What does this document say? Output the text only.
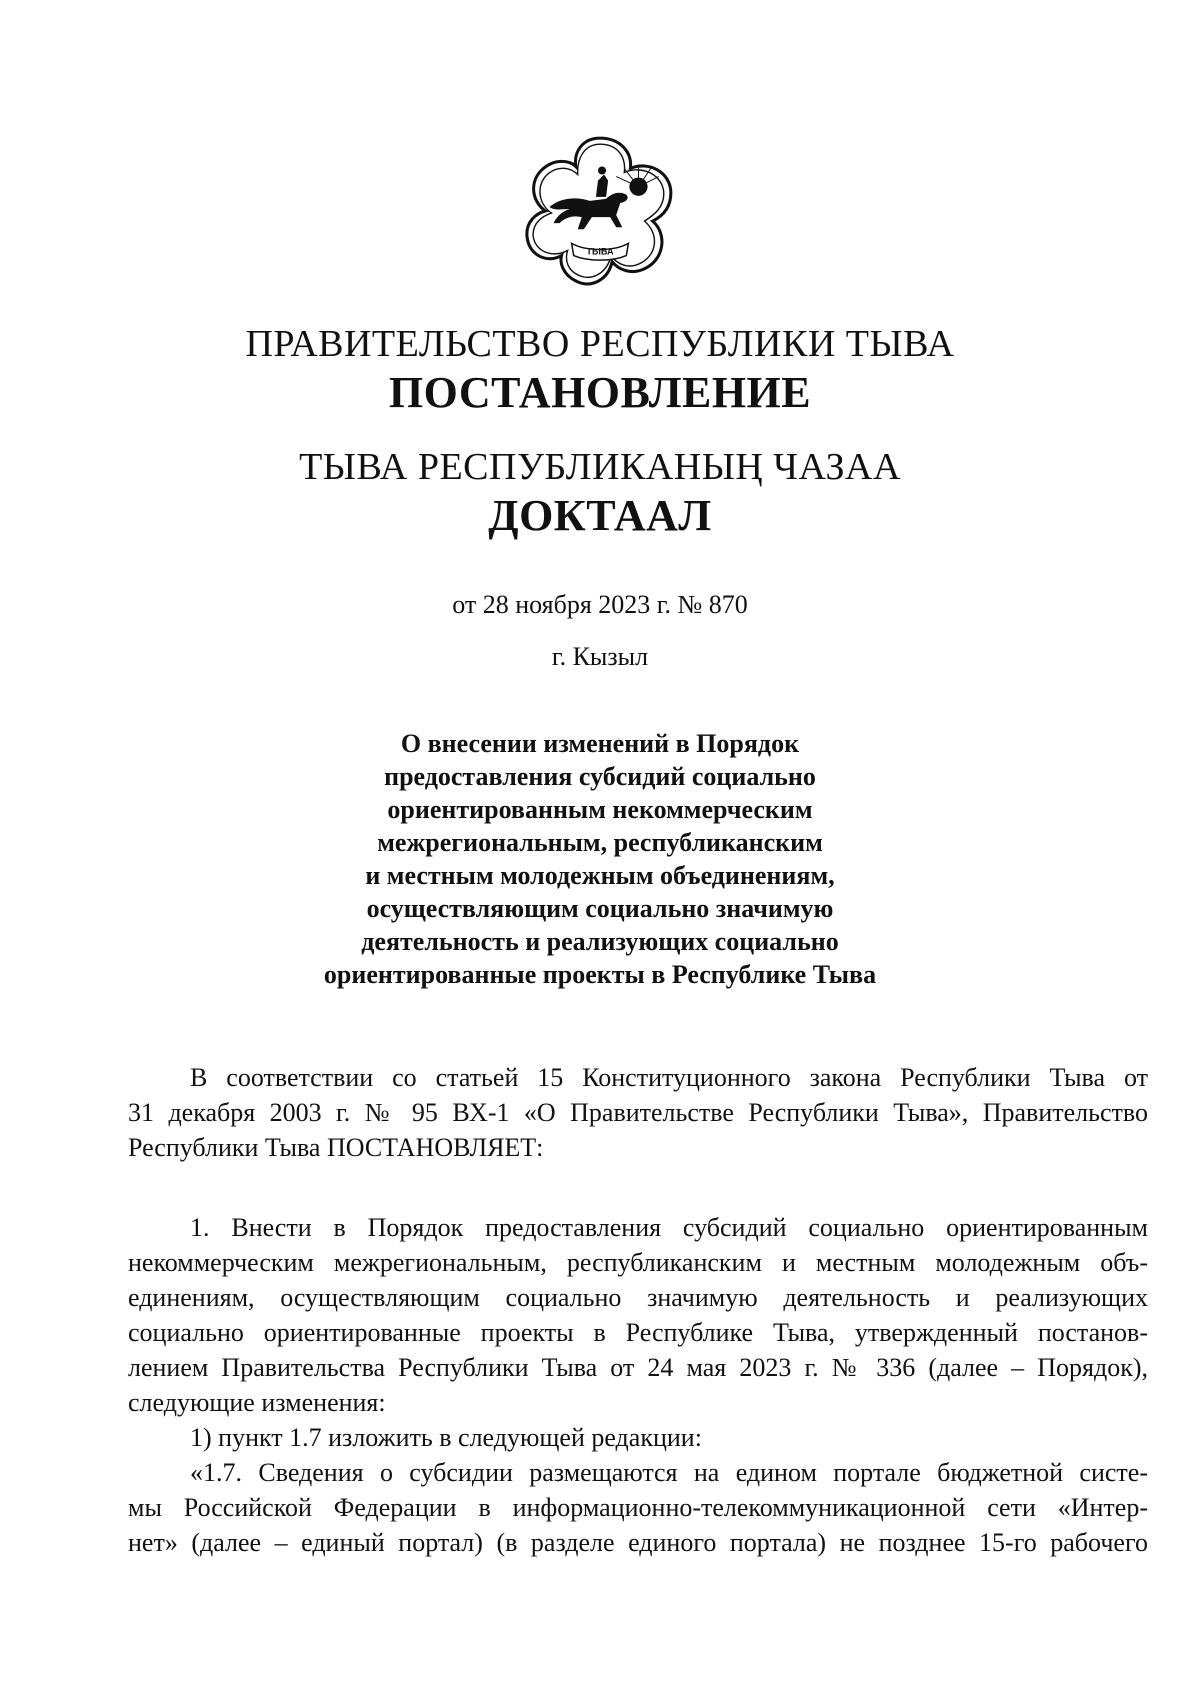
ТЫВА
ПРАВИТЕЛЬСТВО РЕСПУБЛИКИ ТЫВА
ПОСТАНОВЛЕНИЕ
ТЫВА РЕСПУБЛИКАНЫҢ ЧАЗАА
ДОКТААЛ
от 28 ноября 2023 г. № 870
г. Кызыл
О внесении изменений в Порядок
предоставления субсидий социально
ориентированным некоммерческим
межрегиональным, республиканским
и местным молодежным объединениям,
осуществляющим социально значимую
деятельность и реализующих социально
ориентированные проекты в Республике Тыва
В соответствии со статьей 15 Конституционного закона Республики Тыва от
31 декабря 2003 г. № 95 ВХ-1 «О Правительстве Республики Тыва», Правительство
Республики Тыва ПОСТАНОВЛЯЕТ:
1. Внести в Порядок предоставления субсидий социально ориентированным
некоммерческим межрегиональным, республиканским и местным молодежным объ-
единениям, осуществляющим социально значимую деятельность и реализующих
социально ориентированные проекты в Республике Тыва, утвержденный постанов-
лением Правительства Республики Тыва от 24 мая 2023 г. № 336 (далее – Порядок),
следующие изменения:
1) пункт 1.7 изложить в следующей редакции:
«1.7. Сведения о субсидии размещаются на едином портале бюджетной систе-
мы Российской Федерации в информационно-телекоммуникационной сети «Интер-
нет» (далее – единый портал) (в разделе единого портала) не позднее 15-го рабочего
